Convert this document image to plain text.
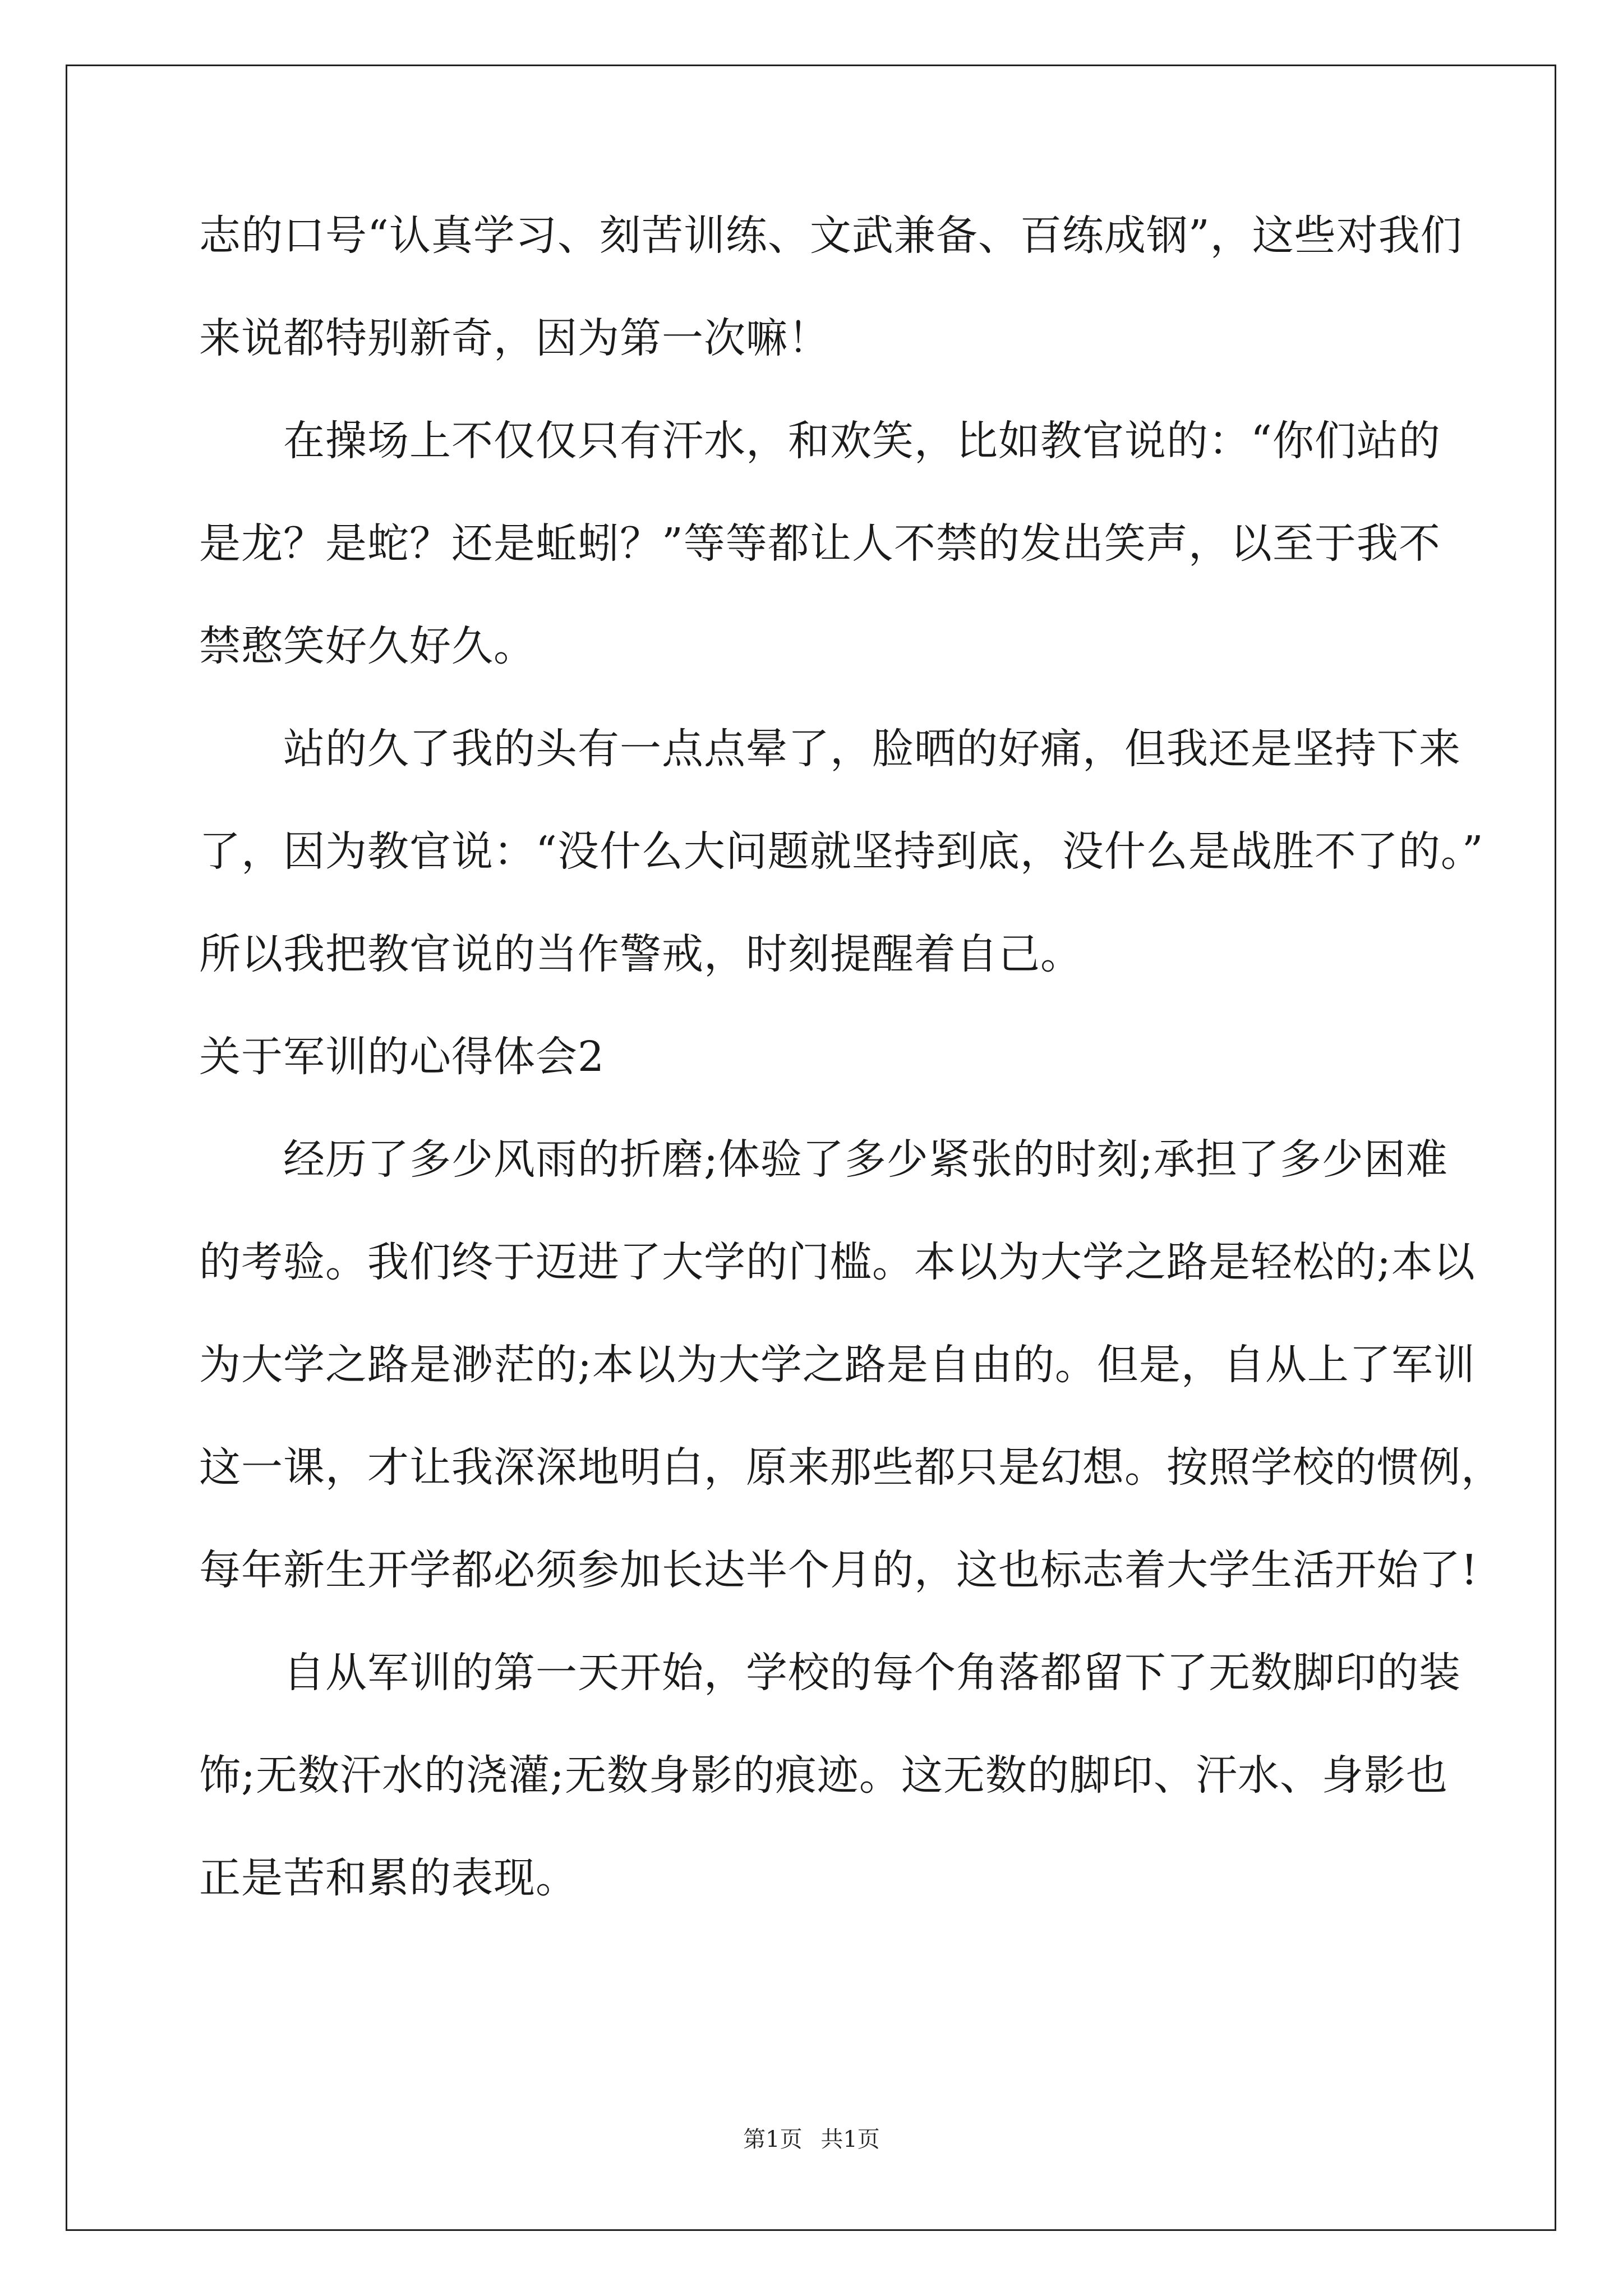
志的口号“认真学习、刻苦训练、文武兼备、百练成钢”，这些对我们
来说都特别新奇，因为第一次嘛！
在操场上不仅仅只有汗水，和欢笑，比如教官说的：“你们站的
是龙？是蛇？还是蚯蚓？”等等都让人不禁的发出笑声，以至于我不
禁憨笑好久好久。
站的久了我的头有一点点晕了，脸晒的好痛，但我还是坚持下来
了，因为教官说：“没什么大问题就坚持到底，没什么是战胜不了的。”
所以我把教官说的当作警戒，时刻提醒着自己。
关于军训的心得体会2
经历了多少风雨的折磨;体验了多少紧张的时刻;承担了多少困难
的考验。我们终于迈进了大学的门槛。本以为大学之路是轻松的;本以
为大学之路是渺茫的;本以为大学之路是自由的。但是，自从上了军训
这一课，才让我深深地明白，原来那些都只是幻想。按照学校的惯例，
每年新生开学都必须参加长达半个月的，这也标志着大学生活开始了!
自从军训的第一天开始，学校的每个角落都留下了无数脚印的装
饰;无数汗水的浇灌;无数身影的痕迹。这无数的脚印、汗水、身影也
正是苦和累的表现。
第1页 共1页
